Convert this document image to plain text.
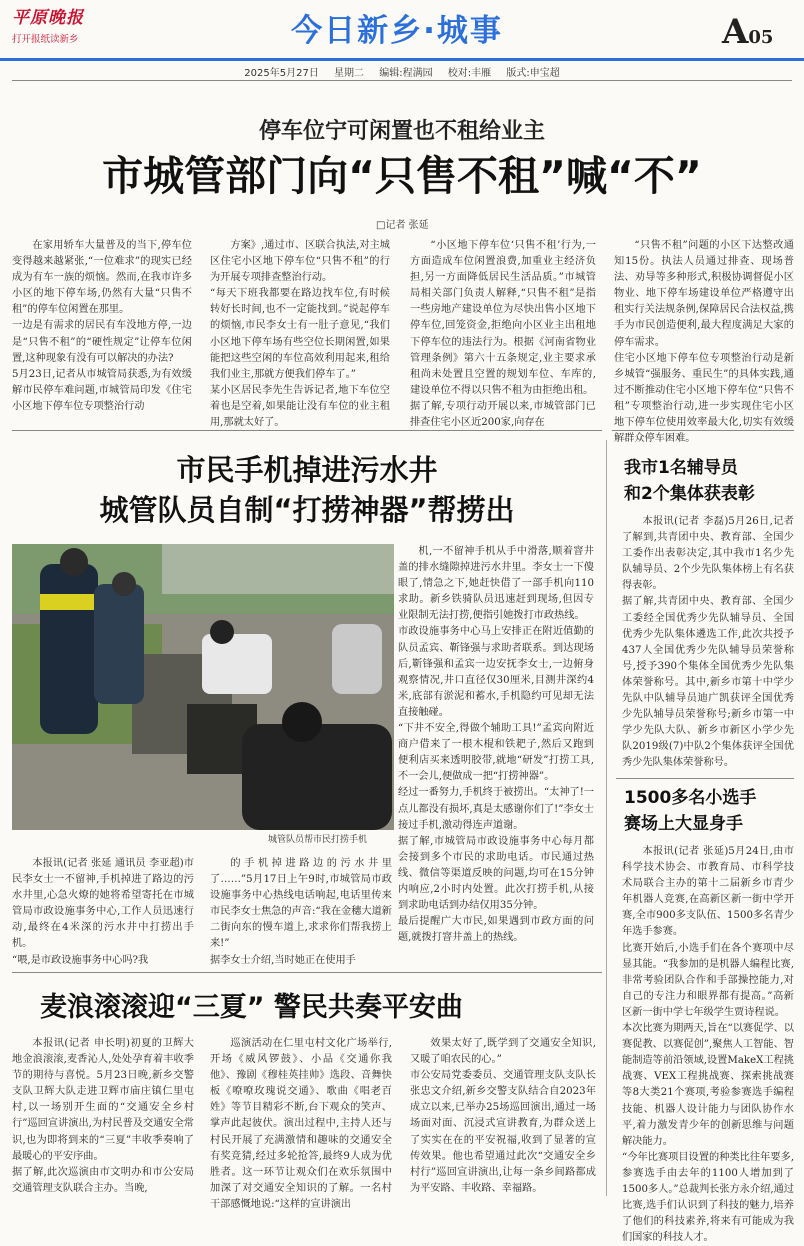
平原晚报
打开报纸读新乡	今日新乡·城事	A05
2025年5月27日 星期二 编辑:程满园 校对:丰雁 版式:申宝超
停车位宁可闲置也不租给业主
市城管部门向“只售不租”喊“不”
□记者 张延
在家用轿车大量普及的当下,停车位变得越来越紧张,“一位难求”的现实已经成为有车一族的烦恼。然而,在我市许多小区的地下停车场,仍然有大量“只售不租”的停车位闲置在那里。
一边是有需求的居民有车没地方停,一边是“只售不租”的“硬性规定”让停车位闲置,这种现象有没有可以解决的办法?
5月23日,记者从市城管局获悉,为有效缓解市民停车难问题,市城管局印发《住宅小区地下停车位专项整治行动
方案》,通过市、区联合执法,对主城区住宅小区地下停车位“只售不租”的行为开展专项排查整治行动。
“每天下班我都要在路边找车位,有时候转好长时间,也不一定能找到。”说起停车的烦恼,市民李女士有一肚子意见,“我们小区地下停车场有些空位长期闲置,如果能把这些空闲的车位高效利用起来,租给我们业主,那就方便我们停车了。”
某小区居民李先生告诉记者,地下车位空着也是空着,如果能让没有车位的业主租用,那就太好了。
“小区地下停车位‘只售不租’行为,一方面造成车位闲置浪费,加重业主经济负担,另一方面降低居民生活品质。”市城管局相关部门负责人解释,“只售不租”是指一些房地产建设单位为尽快出售小区地下停车位,回笼资金,拒绝向小区业主出租地下停车位的违法行为。根据《河南省物业管理条例》第六十五条规定,业主要求承租尚未处置且空置的规划车位、车库的,建设单位不得以只售不租为由拒绝出租。
据了解,专项行动开展以来,市城管部门已排查住宅小区近200家,向存在
“只售不租”问题的小区下达整改通知15份。执法人员通过排查、现场普法、劝导等多种形式,积极协调督促小区物业、地下停车场建设单位严格遵守出租实行关法规条例,保障居民合法权益,携手为市民创造便利,最大程度满足大家的停车需求。
住宅小区地下停车位专项整治行动是新乡城管“强服务、重民生”的具体实践,通过不断推动住宅小区地下停车位“只售不租”专项整治行动,进一步实现住宅小区地下停车位使用效率最大化,切实有效缓解群众停车困难。
市民手机掉进污水井
城管队员自制“打捞神器”帮捞出
城管队员帮市民打捞手机
机,一不留神手机从手中滑落,顺着窨井盖的排水缝隙掉进污水井里。李女士一下傻眼了,情急之下,她赶快借了一部手机向110求助。新乡铁骑队员迅速赶到现场,但因专业限制无法打捞,便指引她拨打市政热线。
市政设施事务中心马上安排正在附近值勤的队员孟宾、靳锋强与求助者联系。到达现场后,靳锋强和孟宾一边安抚李女士,一边俯身观察情况,井口直径仅30厘米,目测井深约4米,底部有淤泥和蓄水,手机隐约可见却无法直接触碰。
“下井不安全,得做个辅助工具!”孟宾向附近商户借来了一根木棍和铁耙子,然后又跑到便利店买来透明胶带,就地“研发”打捞工具,不一会儿,便做成一把“打捞神器”。
经过一番努力,手机终于被捞出。“太神了!一点儿都没有损坏,真是太感谢你们了!”李女士接过手机,激动得连声道谢。
据了解,市城管局市政设施事务中心每月都会接到多个市民的求助电话。市民通过热线、微信等渠道反映的问题,均可在15分钟内响应,2小时内处置。此次打捞手机,从接到求助电话到办结仅用35分钟。
最后提醒广大市民,如果遇到市政方面的问题,就拨打窨井盖上的热线。
本报讯(记者 张延 通讯员 李亚超)市民李女士一不留神,手机掉进了路边的污水井里,心急火燎的她将希望寄托在市城管局市政设施事务中心,工作人员迅速行动,最终在4米深的污水井中打捞出手机。
“喂,是市政设施事务中心吗?我
的手机掉进路边的污水井里了……”5月17日上午9时,市城管局市政设施事务中心热线电话响起,电话里传来市民李女士焦急的声音:“我在金穗大道新二街向东的慢车道上,求求你们帮我捞上来!”
据李女士介绍,当时她正在使用手
麦浪滚滚迎“三夏” 警民共奏平安曲
本报讯(记者 申长明)初夏的卫辉大地金浪滚滚,麦香沁人,处处孕育着丰收季节的期待与喜悦。5月23日晚,新乡交警支队卫辉大队走进卫辉市庙庄镇仁里屯村,以一场别开生面的“交通安全乡村行”巡回宣讲演出,为村民普及交通安全常识,也为即将到来的“三夏”丰收季奏响了最暖心的平安序曲。
据了解,此次巡演由市文明办和市公安局交通管理支队联合主办。当晚,
巡演活动在仁里屯村文化广场举行,开场《威风锣鼓》、小品《交通你我他》、豫剧《穆桂英挂帅》选段、音舞快板《嘹嘹玫瑰说交通》、歌曲《唱老百姓》等节目精彩不断,台下观众的笑声、掌声此起彼伏。演出过程中,主持人还与村民开展了充满激情和趣味的交通安全有奖竞猜,经过多轮抢答,最终9人成为优胜者。这一环节让观众们在欢乐氛围中加深了对交通安全知识的了解。一名村干部感慨地说:“这样的宣讲演出
效果太好了,既学到了交通安全知识,又暖了咱农民的心。”
市公安局党委委员、交通管理支队支队长张忠文介绍,新乡交警支队结合自2023年成立以来,已举办25场巡回演出,通过一场场面对面、沉浸式宣讲教育,为群众送上了实实在在的平安祝福,收到了显著的宣传效果。他也希望通过此次“交通安全乡村行”巡回宣讲演出,让每一条乡间路都成为平安路、丰收路、幸福路。
我市1名辅导员
和2个集体获表彰
本报讯(记者 李磊)5月26日,记者了解到,共青团中央、教育部、全国少工委作出表彰决定,其中我市1名少先队辅导员、2个少先队集体榜上有名获得表彰。
据了解,共青团中央、教育部、全国少工委经全国优秀少先队辅导员、全国优秀少先队集体遴选工作,此次共授予437人全国优秀少先队辅导员荣誉称号,授予390个集体全国优秀少先队集体荣誉称号。其中,新乡市第十中学少先队中队辅导员迪广凯获评全国优秀少先队辅导员荣誉称号;新乡市第一中学少先队大队、新乡市新区小学少先队2019级(7)中队2个集体获评全国优秀少先队集体荣誉称号。
1500多名小选手
赛场上大显身手
本报讯(记者 张延)5月24日,由市科学技术协会、市教育局、市科学技术局联合主办的第十二届新乡市青少年机器人竞赛,在高新区新一街中学开赛,全市900多支队伍、1500多名青少年选手参赛。
比赛开始后,小选手们在各个赛项中尽显其能。“我参加的是机器人编程比赛,非常考验团队合作和手部操控能力,对自己的专注力和眼界都有提高。”高新区新一街中学七年级学生贾诗程说。
本次比赛为期两天,旨在“以赛促学、以赛促教、以赛促创”,聚焦人工智能、智能制造等前沿领域,设置MakeX工程挑战赛、VEX工程挑战赛、探索挑战赛等8大类21个赛项,考验参赛选手编程技能、机器人设计能力与团队协作水平,着力激发青少年的创新思维与问题解决能力。
“今年比赛项目设置的种类比往年要多,参赛选手由去年的1100人增加到了1500多人。”总裁判长张方永介绍,通过比赛,选手们认识到了科技的魅力,培养了他们的科技素养,将来有可能成为我们国家的科技人才。
